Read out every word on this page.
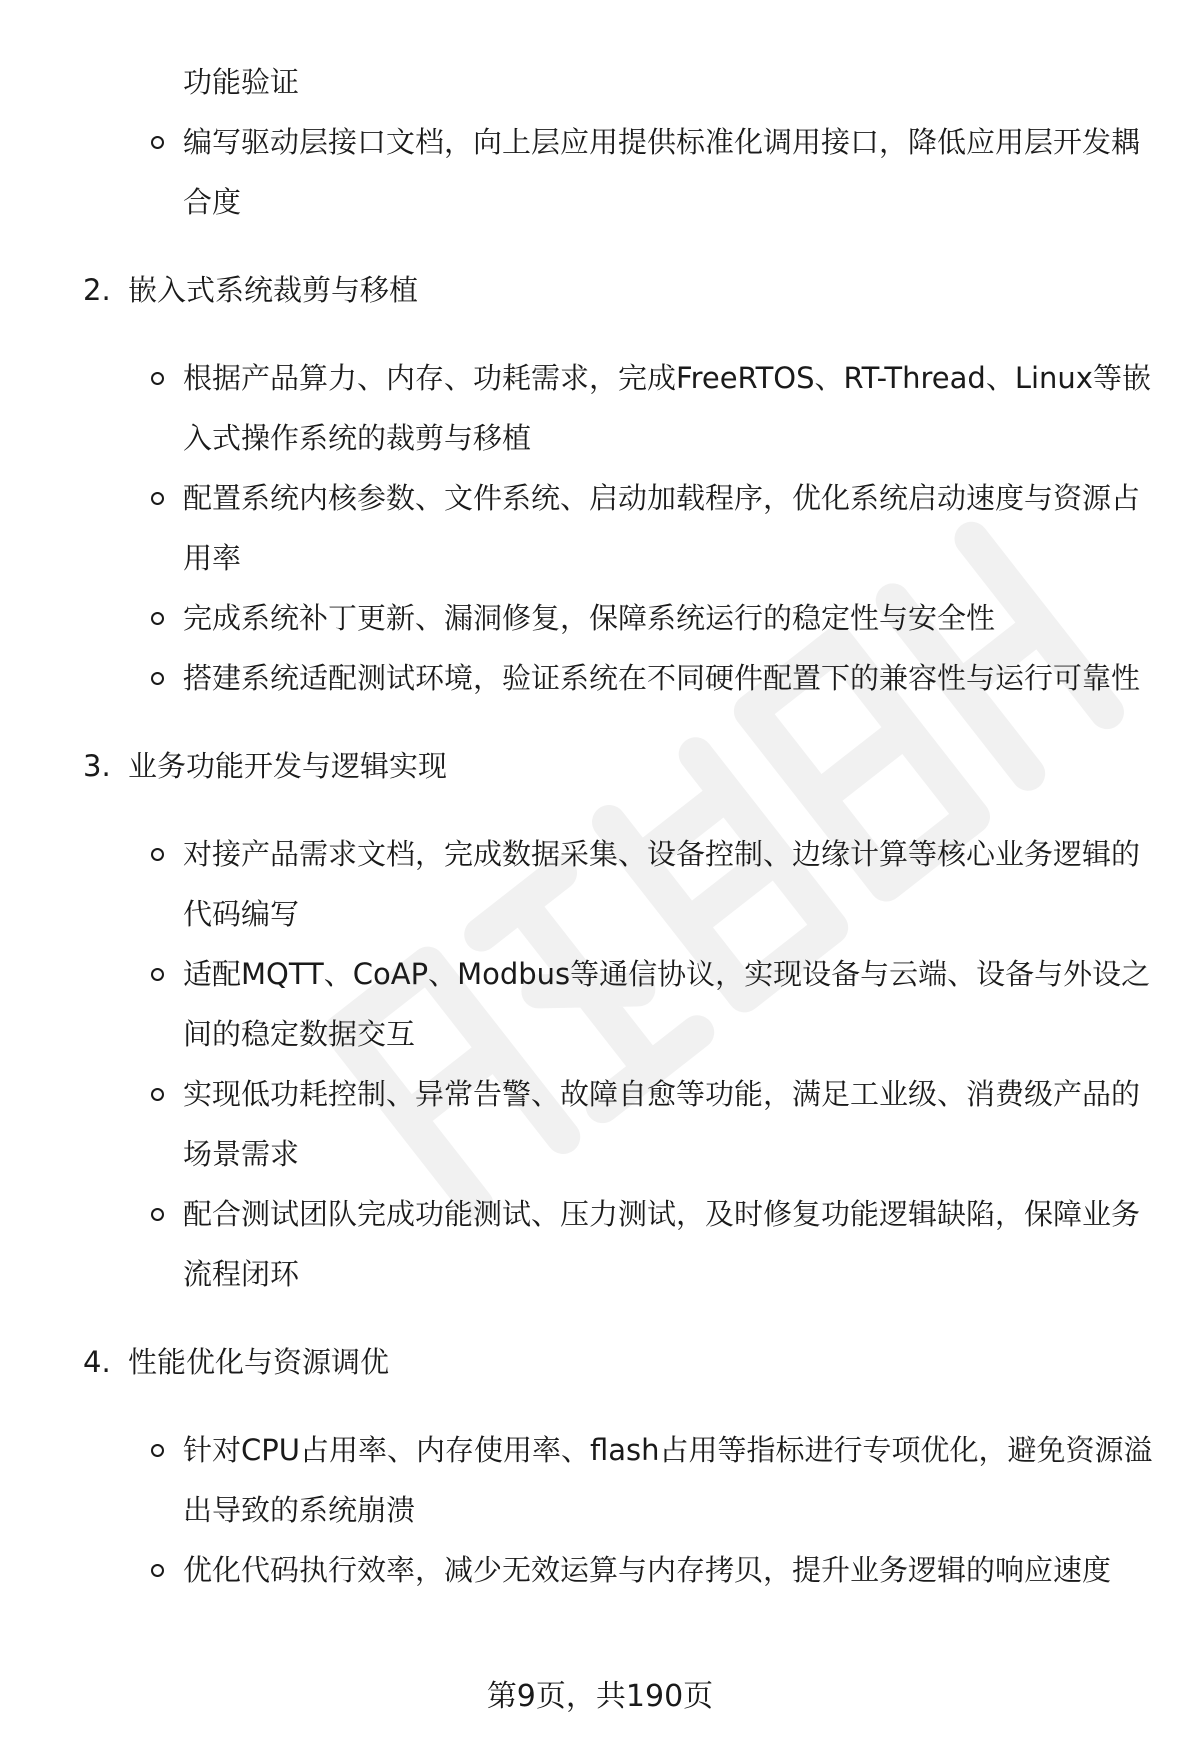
功能验证
编写驱动层接口文档，向上层应用提供标准化调用接口，降低应用层开发耦合度
2. 嵌入式系统裁剪与移植
根据产品算力、内存、功耗需求，完成FreeRTOS、RT-Thread、Linux等嵌入式操作系统的裁剪与移植
配置系统内核参数、文件系统、启动加载程序，优化系统启动速度与资源占用率
完成系统补丁更新、漏洞修复，保障系统运行的稳定性与安全性
搭建系统适配测试环境，验证系统在不同硬件配置下的兼容性与运行可靠性
3. 业务功能开发与逻辑实现
对接产品需求文档，完成数据采集、设备控制、边缘计算等核心业务逻辑的代码编写
适配MQTT、CoAP、Modbus等通信协议，实现设备与云端、设备与外设之间的稳定数据交互
实现低功耗控制、异常告警、故障自愈等功能，满足工业级、消费级产品的场景需求
配合测试团队完成功能测试、压力测试，及时修复功能逻辑缺陷，保障业务流程闭环
4. 性能优化与资源调优
针对CPU占用率、内存使用率、flash占用等指标进行专项优化，避免资源溢出导致的系统崩溃
优化代码执行效率，减少无效运算与内存拷贝，提升业务逻辑的响应速度
第9页，共190页
